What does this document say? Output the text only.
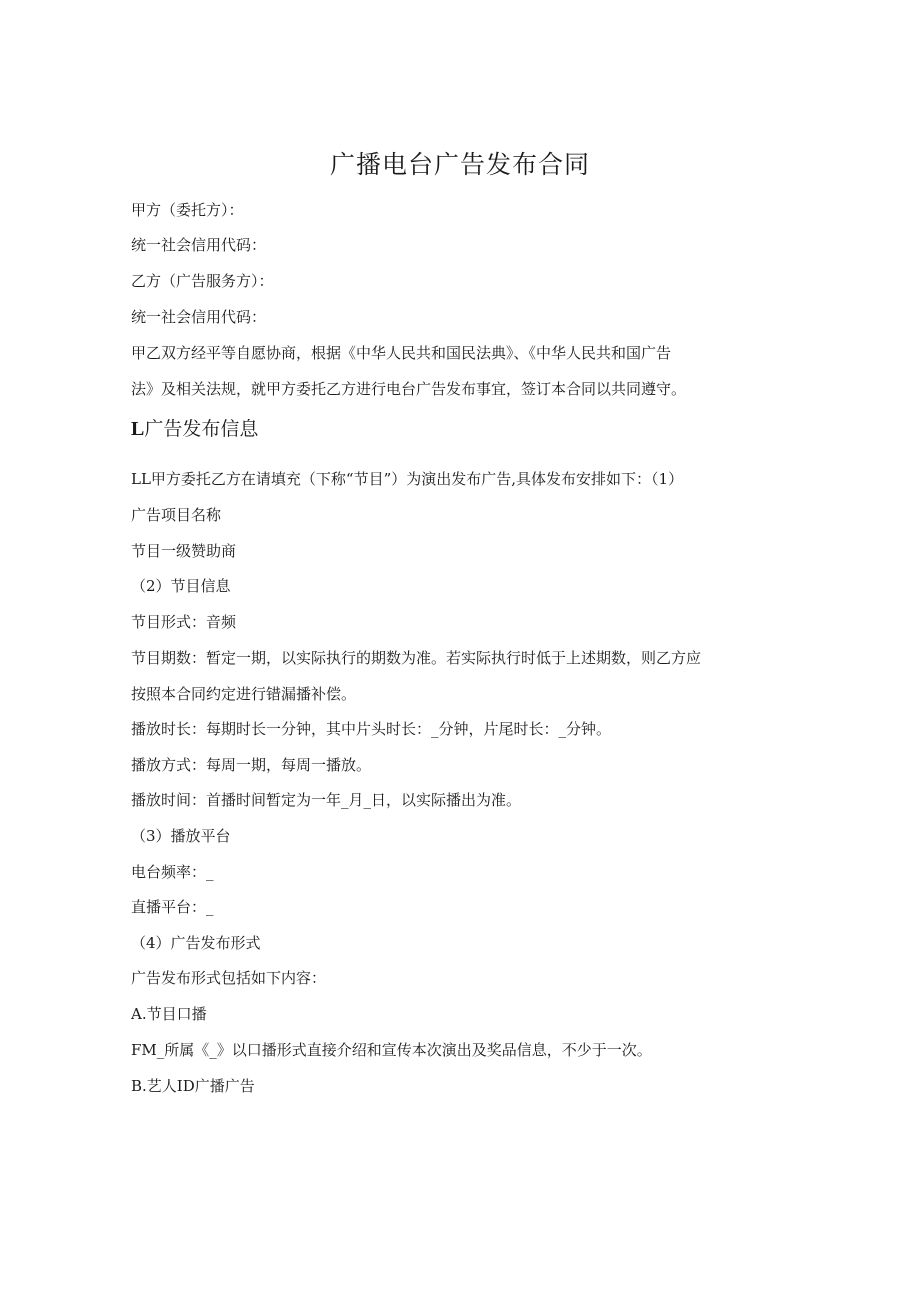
广播电台广告发布合同
甲方（委托方）：
统一社会信用代码：
乙方（广告服务方）：
统一社会信用代码：
甲乙双方经平等自愿协商，根据《中华人民共和国民法典》、《中华人民共和国广告
法》及相关法规，就甲方委托乙方进行电台广告发布事宜，签订本合同以共同遵守。
L广告发布信息
LL甲方委托乙方在请填充（下称“节目”）为演出发布广告,具体发布安排如下：（1）
广告项目名称
节目一级赞助商
（2）节目信息
节目形式：音频
节目期数：暂定一期，以实际执行的期数为准。若实际执行时低于上述期数，则乙方应
按照本合同约定进行错漏播补偿。
播放时长：每期时长一分钟，其中片头时长：_分钟，片尾时长：_分钟。
播放方式：每周一期，每周一播放。
播放时间：首播时间暂定为一年_月_日，以实际播出为准。
（3）播放平台
电台频率：_
直播平台：_
（4）广告发布形式
广告发布形式包括如下内容：
A.节目口播
FM_所属《_》以口播形式直接介绍和宣传本次演出及奖品信息，不少于一次。
B.艺人ID广播广告
